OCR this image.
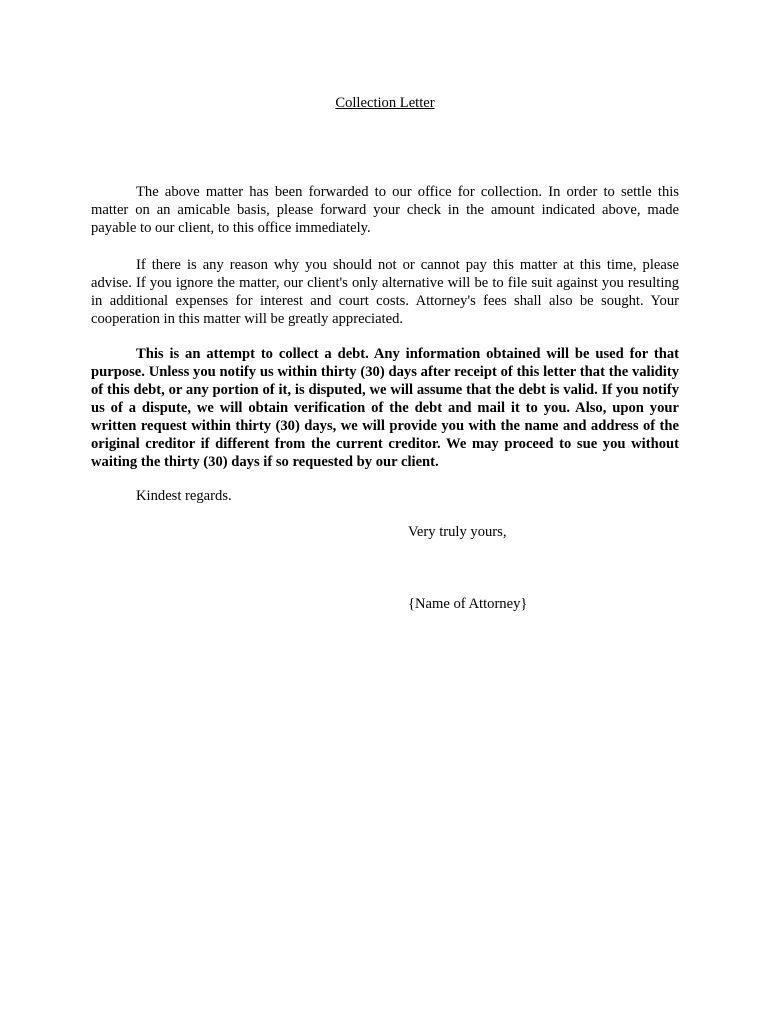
Collection Letter

The above matter has been forwarded to our office for collection. In order to settle this matter on an amicable basis, please forward your check in the amount indicated above, made payable to our client, to this office immediately.

If there is any reason why you should not or cannot pay this matter at this time, please advise. If you ignore the matter, our client's only alternative will be to file suit against you resulting in additional expenses for interest and court costs. Attorney's fees shall also be sought. Your cooperation in this matter will be greatly appreciated.

This is an attempt to collect a debt. Any information obtained will be used for that purpose. Unless you notify us within thirty (30) days after receipt of this letter that the validity of this debt, or any portion of it, is disputed, we will assume that the debt is valid. If you notify us of a dispute, we will obtain verification of the debt and mail it to you. Also, upon your written request within thirty (30) days, we will provide you with the name and address of the original creditor if different from the current creditor. We may proceed to sue you without waiting the thirty (30) days if so requested by our client.

Kindest regards.
Very truly yours,
{Name of Attorney}
